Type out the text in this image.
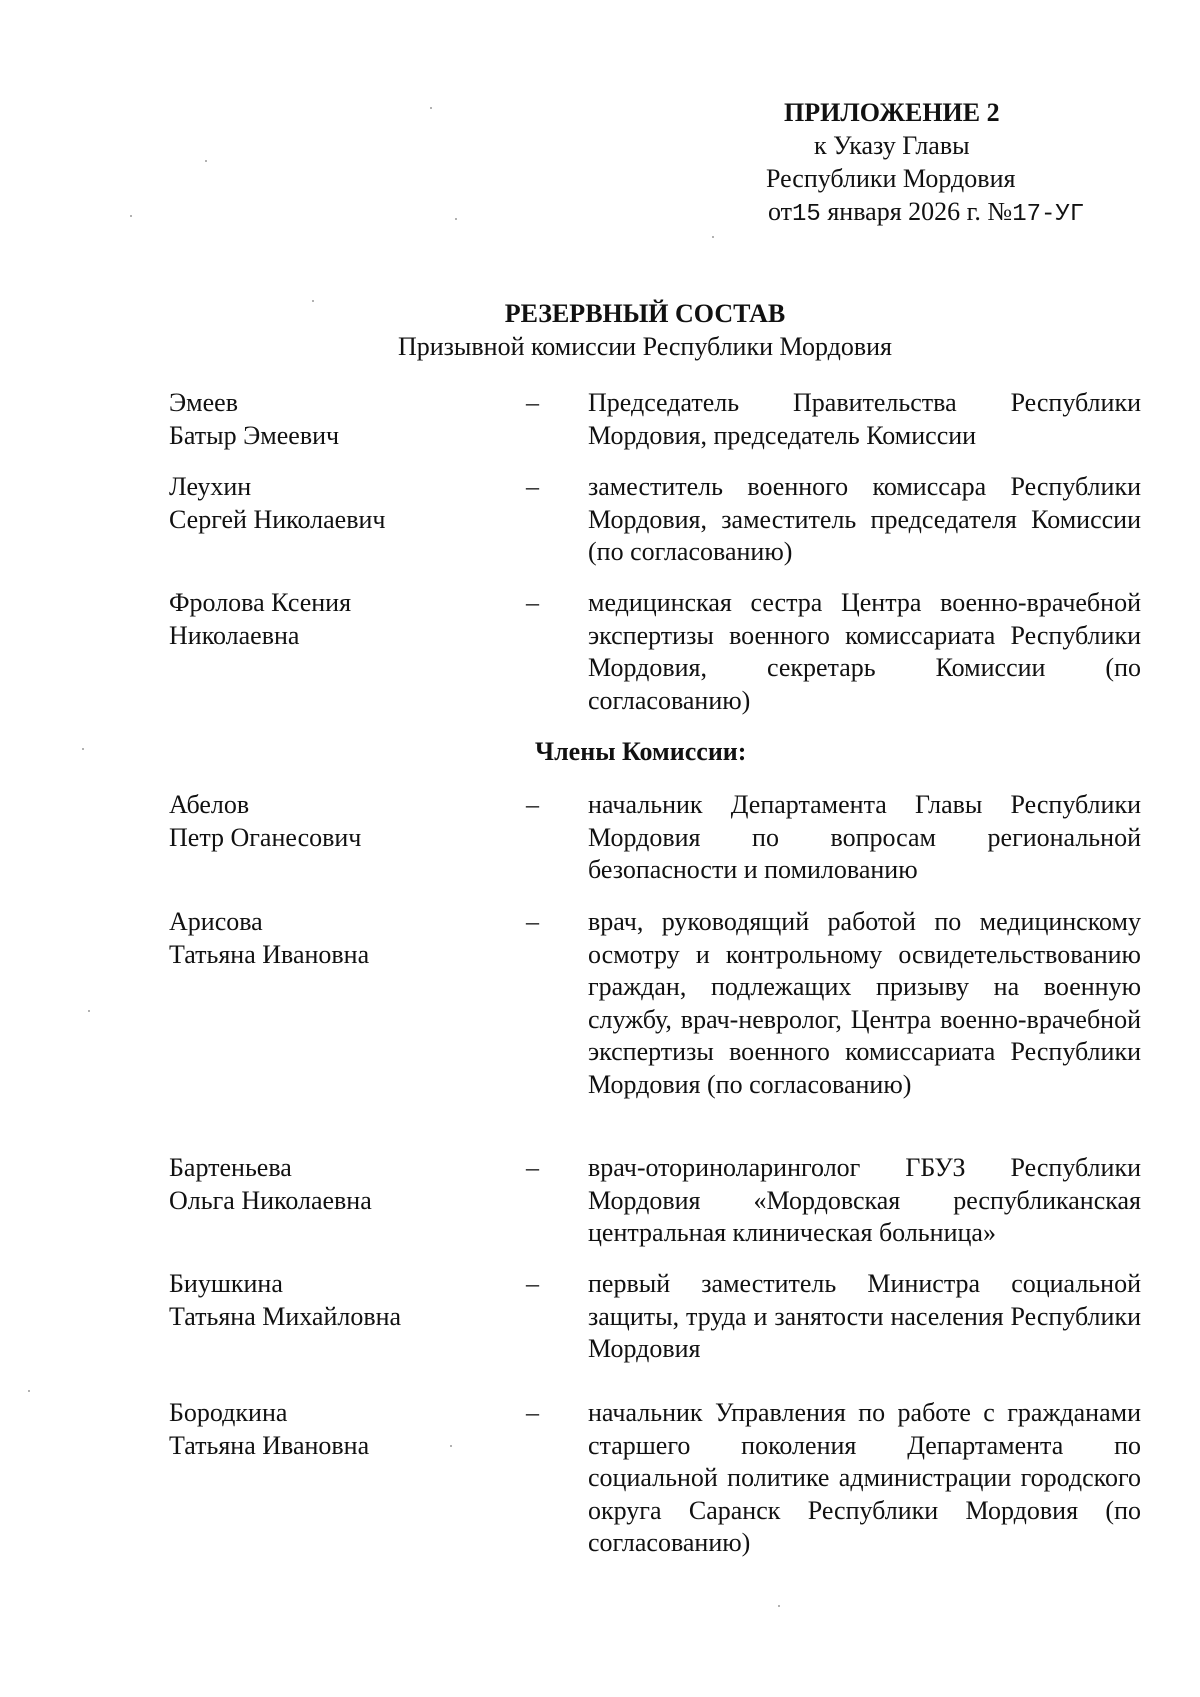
ПРИЛОЖЕНИЕ 2
к Указу Главы
Республики Мордовия
от15 января 2026 г. №17-УГ
РЕЗЕРВНЫЙ СОСТАВ
Призывной комиссии Республики Мордовия
Эмеев
Батыр Эмеевич
–	Председатель Правительства Республики Мордовия, председатель Комиссии
Леухин
Сергей Николаевич
–	заместитель военного комиссара Республики Мордовия, заместитель председателя Комиссии (по согласованию)
Фролова Ксения
Николаевна
–	медицинская сестра Центра военно-врачебной экспертизы военного комиссариата Республики Мордовия, секретарь Комиссии (по согласованию)
Члены Комиссии:
Абелов
Петр Оганесович
–	начальник Департамента Главы Республики Мордовия по вопросам региональной безопасности и помилованию
Арисова
Татьяна Ивановна
–	врач, руководящий работой по медицинскому осмотру и контрольному освидетельствованию граждан, подлежащих призыву на военную службу, врач-невролог, Центра военно-врачебной экспертизы военного комиссариата Республики Мордовия (по согласованию)
Бартеньева
Ольга Николаевна
–	врач-оториноларинголог ГБУЗ Республики Мордовия «Мордовская республиканская центральная клиническая больница»
Биушкина
Татьяна Михайловна
–	первый заместитель Министра социальной защиты, труда и занятости населения Республики Мордовия
Бородкина
Татьяна Ивановна
–	начальник Управления по работе с гражданами старшего поколения Департамента по социальной политике администрации городского округа Саранск Республики Мордовия (по согласованию)
